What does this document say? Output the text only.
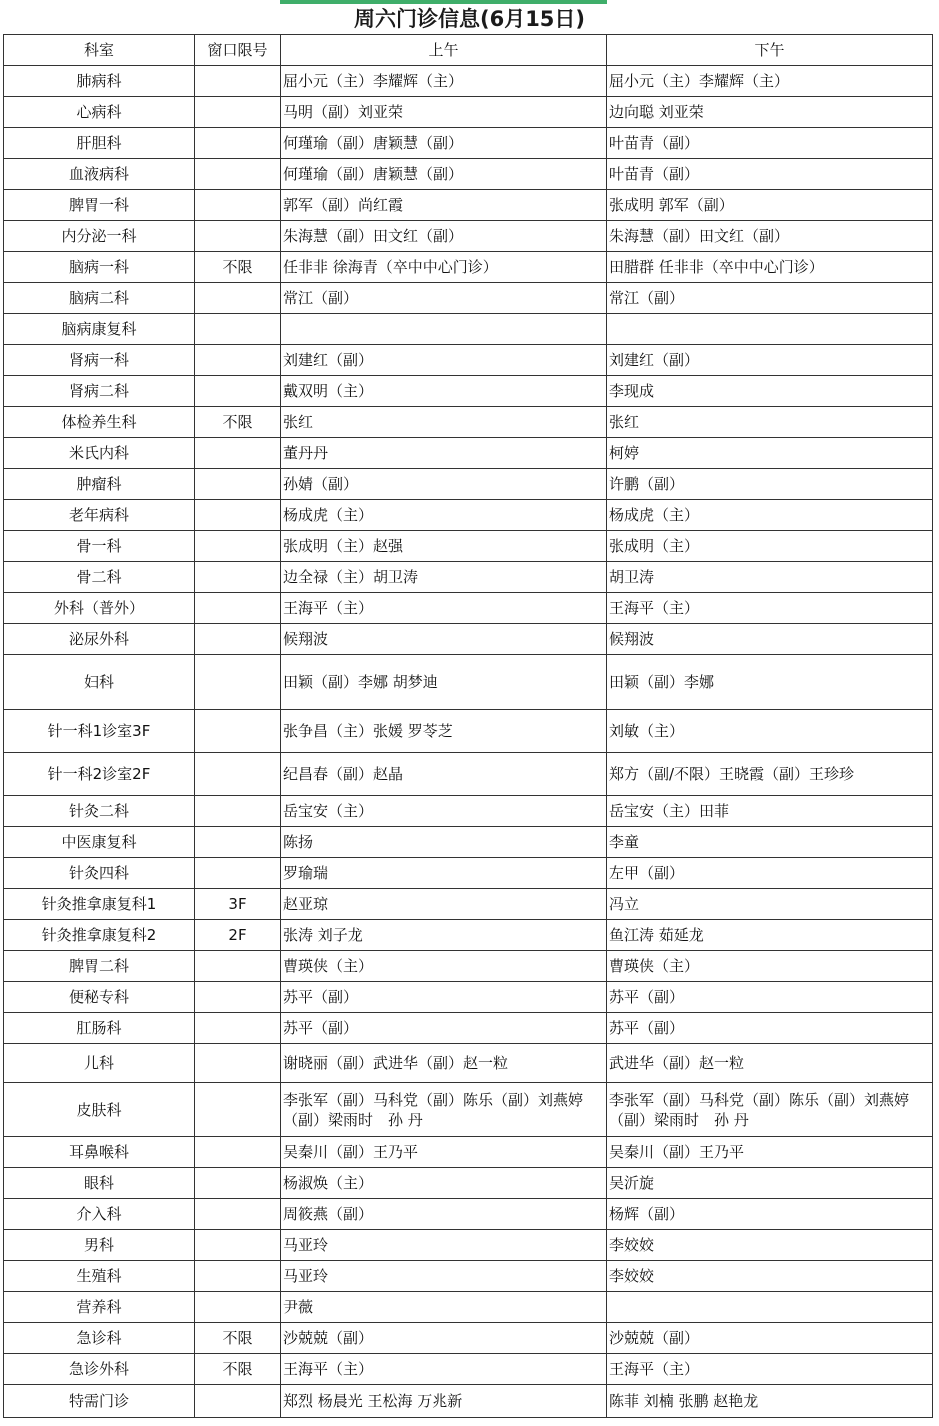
周六门诊信息(6月15日)
科室	窗口限号	上午	下午
肺病科		屈小元（主）李耀辉（主）	屈小元（主）李耀辉（主）
心病科		马明（副）刘亚荣	边向聪 刘亚荣
肝胆科		何瑾瑜（副）唐颖慧（副）	叶苗青（副）
血液病科		何瑾瑜（副）唐颖慧（副）	叶苗青（副）
脾胃一科		郭军（副）尚红霞	张成明 郭军（副）
内分泌一科		朱海慧（副）田文红（副）	朱海慧（副）田文红（副）
脑病一科	不限	任非非 徐海青（卒中中心门诊）	田腊群 任非非（卒中中心门诊）
脑病二科		常江（副）	常江（副）
脑病康复科			
肾病一科		刘建红（副）	刘建红（副）
肾病二科		戴双明（主）	李现成
体检养生科	不限	张红	张红
米氏内科		董丹丹	柯婷
肿瘤科		孙婧（副）	许鹏（副）
老年病科		杨成虎（主）	杨成虎（主）
骨一科		张成明（主）赵强	张成明（主）
骨二科		边全禄（主）胡卫涛	胡卫涛
外科（普外）		王海平（主）	王海平（主）
泌尿外科		候翔波	候翔波
妇科		田颖（副）李娜 胡梦迪	田颖（副）李娜
针一科1诊室3F		张争昌（主）张媛 罗苓芝	刘敏（主）
针一科2诊室2F		纪昌春（副）赵晶	郑方（副/不限）王晓霞（副）王珍珍
针灸二科		岳宝安（主）	岳宝安（主）田菲
中医康复科		陈扬	李童
针灸四科		罗瑜瑞	左甲（副）
针灸推拿康复科1	3F	赵亚琼	冯立
针灸推拿康复科2	2F	张涛 刘子龙	鱼江涛 茹延龙
脾胃二科		曹瑛侠（主）	曹瑛侠（主）
便秘专科		苏平（副）	苏平（副）
肛肠科		苏平（副）	苏平（副）
儿科		谢晓丽（副）武进华（副）赵一粒	武进华（副）赵一粒
皮肤科		李张军（副）马科党（副）陈乐（副）刘燕婷（副）梁雨时　孙 丹	李张军（副）马科党（副）陈乐（副）刘燕婷（副）梁雨时　孙 丹
耳鼻喉科		吴秦川（副）王乃平	吴秦川（副）王乃平
眼科		杨淑焕（主）	吴沂旋
介入科		周筱燕（副）	杨辉（副）
男科		马亚玲	李姣姣
生殖科		马亚玲	李姣姣
营养科		尹薇	
急诊科	不限	沙兢兢（副）	沙兢兢（副）
急诊外科	不限	王海平（主）	王海平（主）
特需门诊		郑烈 杨晨光 王松海 万兆新	陈菲 刘楠 张鹏 赵艳龙
